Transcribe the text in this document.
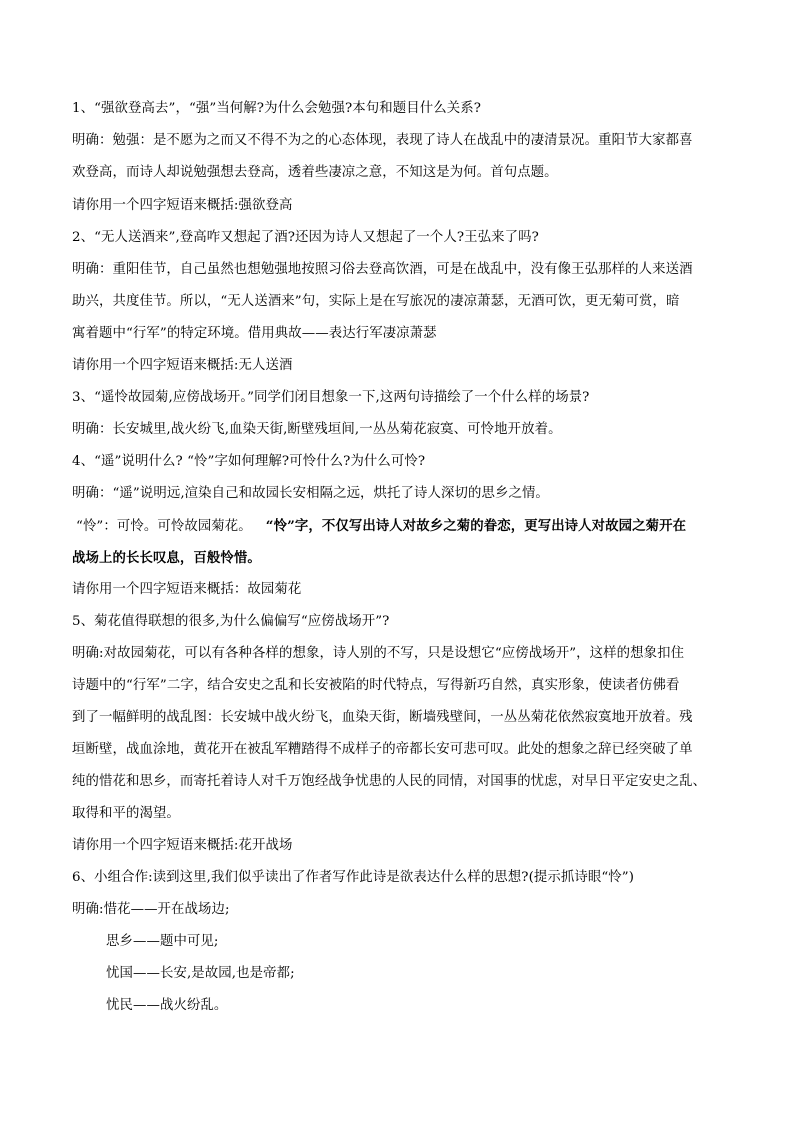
1、“强欲登高去”，“强”当何解?为什么会勉强?本句和题目什么关系?
明确：勉强：是不愿为之而又不得不为之的心态体现，表现了诗人在战乱中的凄清景况。重阳节大家都喜
欢登高，而诗人却说勉强想去登高，透着些凄凉之意，不知这是为何。首句点题。
请你用一个四字短语来概括:强欲登高
2、“无人送酒来”,登高咋又想起了酒?还因为诗人又想起了一个人?王弘来了吗?
明确：重阳佳节，自己虽然也想勉强地按照习俗去登高饮酒，可是在战乱中，没有像王弘那样的人来送酒
助兴，共度佳节。所以，“无人送酒来”句，实际上是在写旅况的凄凉萧瑟，无酒可饮，更无菊可赏，暗
寓着题中“行军”的特定环境。借用典故——表达行军凄凉萧瑟
请你用一个四字短语来概括:无人送酒
3、“遥怜故园菊,应傍战场开。”同学们闭目想象一下,这两句诗描绘了一个什么样的场景?
明确：长安城里,战火纷飞,血染天街,断壁残垣间,一丛丛菊花寂寞、可怜地开放着。
4、“遥”说明什么? “怜”字如何理解?可怜什么?为什么可怜?
明确：“遥”说明远,渲染自己和故园长安相隔之远，烘托了诗人深切的思乡之情。
“怜”：可怜。可怜故园菊花。 “怜”字，不仅写出诗人对故乡之菊的眷恋，更写出诗人对故园之菊开在
战场上的长长叹息，百般怜惜。
请你用一个四字短语来概括：故园菊花
5、菊花值得联想的很多,为什么偏偏写“应傍战场开”?
明确:对故园菊花，可以有各种各样的想象，诗人别的不写，只是设想它“应傍战场开”，这样的想象扣住
诗题中的“行军”二字，结合安史之乱和长安被陷的时代特点，写得新巧自然，真实形象，使读者仿佛看
到了一幅鲜明的战乱图：长安城中战火纷飞，血染天街，断墙残壁间，一丛丛菊花依然寂寞地开放着。残
垣断壁，战血涂地，黄花开在被乱军糟踏得不成样子的帝都长安可悲可叹。此处的想象之辞已经突破了单
纯的惜花和思乡，而寄托着诗人对千万饱经战争忧患的人民的同情，对国事的忧虑，对早日平定安史之乱、
取得和平的渴望。
请你用一个四字短语来概括:花开战场
6、小组合作:读到这里,我们似乎读出了作者写作此诗是欲表达什么样的思想?(提示抓诗眼“怜”)
明确:惜花——开在战场边;
思乡——题中可见;
忧国——长安,是故园,也是帝都;
忧民——战火纷乱。
